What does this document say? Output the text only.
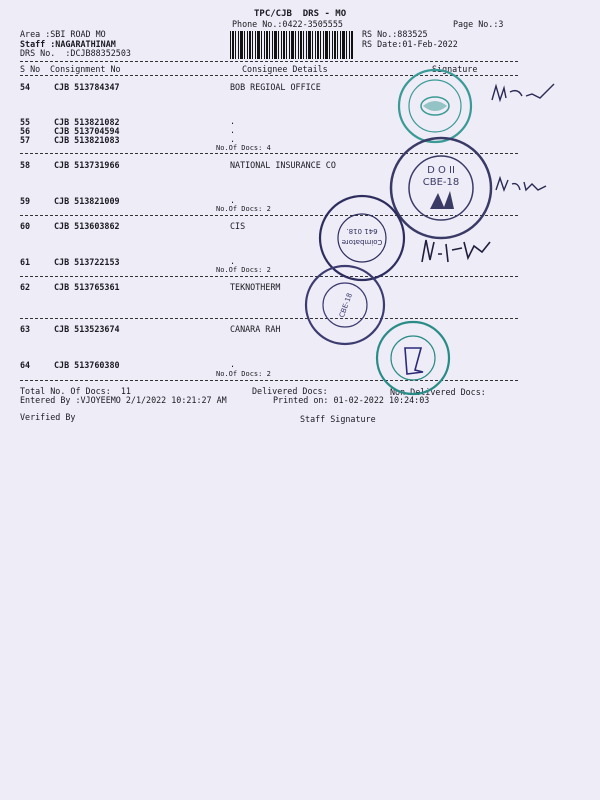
TPC/CJB  DRS - MO
Phone No.:0422-3505555	Page No.:3
Area :SBI ROAD MO
Staff :NAGARATHINAM
DRS No.  :DCJB88352503
RS No.:883525
RS Date:01-Feb-2022
S No Consignment No	Consignee Details	Signature
54	CJB 513784347	BOB REGIOAL OFFICE
55	CJB 513821082	.
56	CJB 513704594	.
57	CJB 513821083	.
No.Of Docs: 4
58	CJB 513731966	NATIONAL INSURANCE CO
59	CJB 513821009	.
No.Of Docs: 2
60	CJB 513603862	CIS
61	CJB 513722153	.
No.Of Docs: 2
62	CJB 513765361	TEKNOTHERM
63	CJB 513523674	CANARA RAH
64	CJB 513760380	.
No.Of Docs: 2
Total No. Of Docs:  11	Delivered Docs:	Non Delivered Docs:
Entered By :VJOYEEMO 2/1/2022 10:21:27 AM	Printed on: 01-02-2022 10:24:03
Verified By	Staff Signature
D O II
CBE-18
Coimbatore
641 018.
CBE-18
